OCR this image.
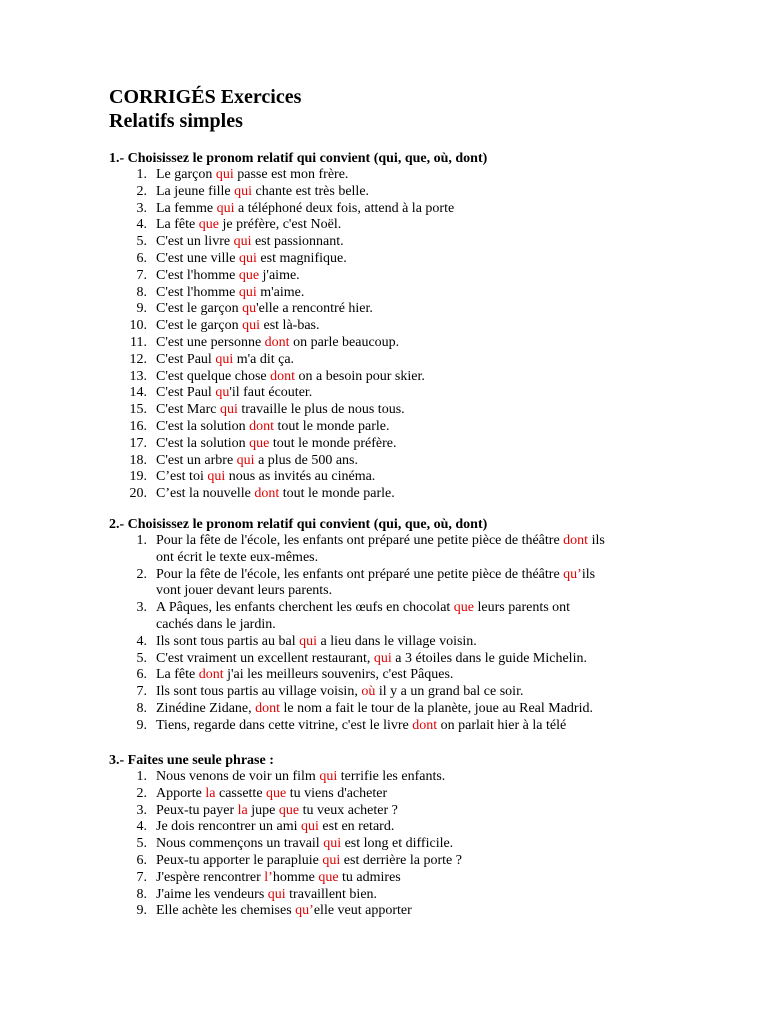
CORRIGÉS Exercices
Relatifs simples
1.- Choisissez le pronom relatif qui convient (qui, que, où, dont)
1. Le garçon qui passe est mon frère.
2. La jeune fille qui chante est très belle.
3. La femme qui a téléphoné deux fois, attend à la porte
4. La fête que je préfère, c'est Noël.
5. C'est un livre qui est passionnant.
6. C'est une ville qui est magnifique.
7. C'est l'homme que j'aime.
8. C'est l'homme qui m'aime.
9. C'est le garçon qu'elle a rencontré hier.
10. C'est le garçon qui est là-bas.
11. C'est une personne dont on parle beaucoup.
12. C'est Paul qui m'a dit ça.
13. C'est quelque chose dont on a besoin pour skier.
14. C'est Paul qu'il faut écouter.
15. C'est Marc qui travaille le plus de nous tous.
16. C'est la solution dont tout le monde parle.
17. C'est la solution que tout le monde préfère.
18. C'est un arbre qui a plus de 500 ans.
19. C’est toi qui nous as invités au cinéma.
20. C’est la nouvelle dont tout le monde parle.
2.- Choisissez le pronom relatif qui convient (qui, que, où, dont)
1. Pour la fête de l'école, les enfants ont préparé une petite pièce de théâtre dont ils
ont écrit le texte eux-mêmes.
2. Pour la fête de l'école, les enfants ont préparé une petite pièce de théâtre qu’ils
vont jouer devant leurs parents.
3. A Pâques, les enfants cherchent les œufs en chocolat que leurs parents ont
cachés dans le jardin.
4. Ils sont tous partis au bal qui a lieu dans le village voisin.
5. C'est vraiment un excellent restaurant, qui a 3 étoiles dans le guide Michelin.
6. La fête dont j'ai les meilleurs souvenirs, c'est Pâques.
7. Ils sont tous partis au village voisin, où il y a un grand bal ce soir.
8. Zinédine Zidane, dont le nom a fait le tour de la planète, joue au Real Madrid.
9. Tiens, regarde dans cette vitrine, c'est le livre dont on parlait hier à la télé
3.- Faites une seule phrase :
1. Nous venons de voir un film qui terrifie les enfants.
2. Apporte la cassette que tu viens d'acheter
3. Peux-tu payer la jupe que tu veux acheter ?
4. Je dois rencontrer un ami qui est en retard.
5. Nous commençons un travail qui est long et difficile.
6. Peux-tu apporter le parapluie qui est derrière la porte ?
7. J'espère rencontrer l’homme que tu admires
8. J'aime les vendeurs qui travaillent bien.
9. Elle achète les chemises qu’elle veut apporter
